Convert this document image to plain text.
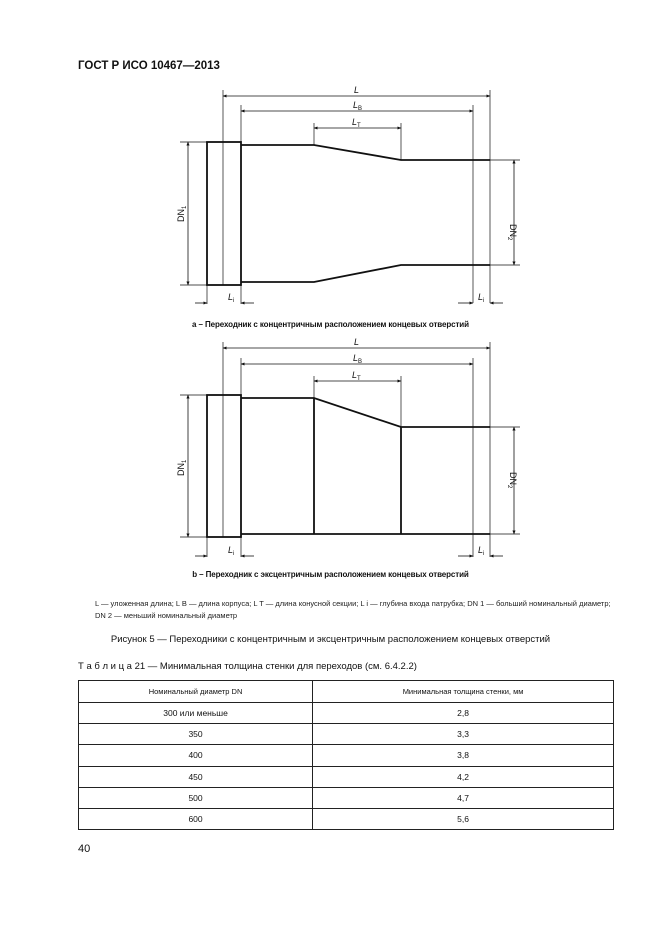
ГОСТ Р ИСО 10467—2013
L
$L_B$
$L_T$
$DN_1$
$DN_2$
$L_i$	$L_i$
L
$L_B$
$L_T$
$DN_1$
$DN_2$
$L_i$	$L_i$
а – Переходник с концентричным расположением концевых отверстий
b – Переходник с эксцентричным расположением концевых отверстий
L — уложенная длина; L B — длина корпуса; L T — длина конусной секции; L i — глубина входа патрубка; DN 1 — больший номинальный диаметр; DN 2 — меньший номинальный диаметр
Рисунок 5 — Переходники с концентричным и эксцентричным расположением концевых отверстий
Т а б л и ц а 21 — Минимальная толщина стенки для переходов (см. 6.4.2.2)
Номинальный диаметр DN	Минимальная толщина стенки, мм
300 или меньше	2,8
350	3,3
400	3,8
450	4,2
500	4,7
600	5,6
40
